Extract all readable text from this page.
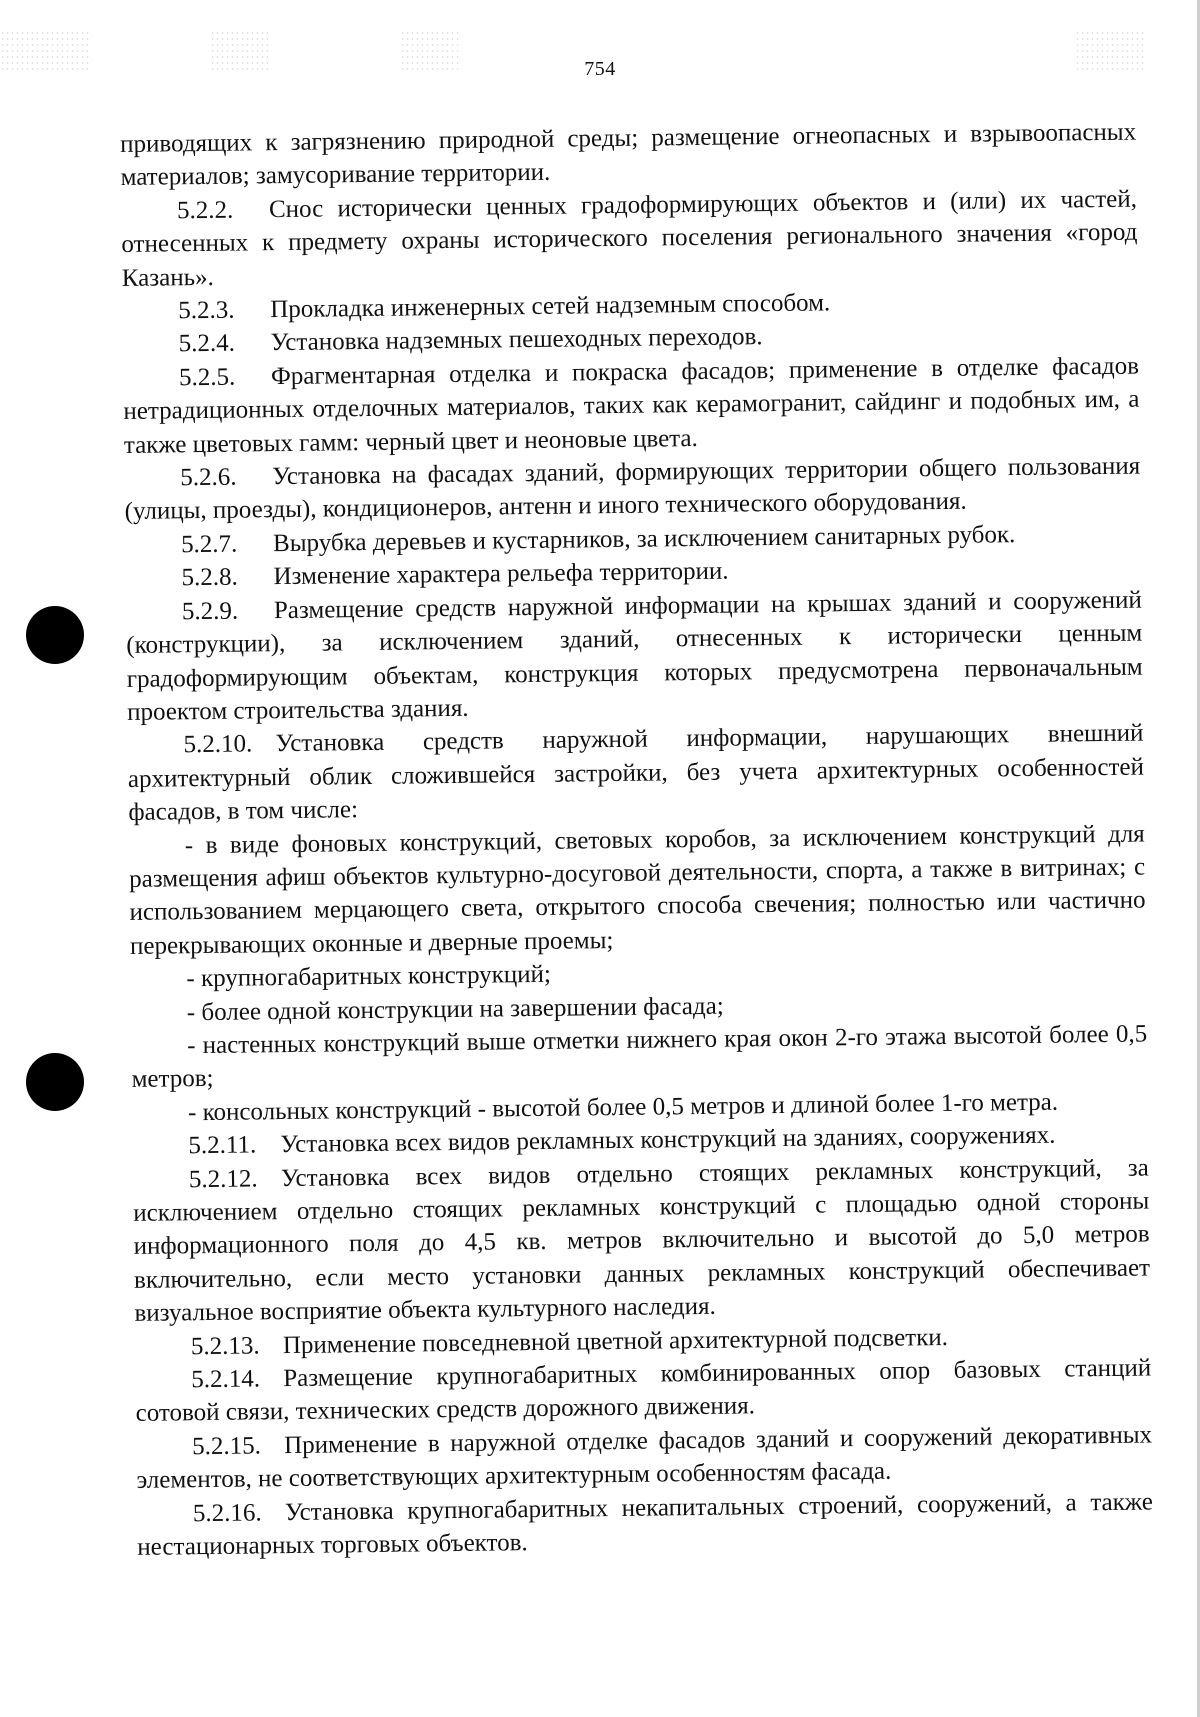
754

приводящих к загрязнению природной среды; размещение огнеопасных и взрывоопасных материалов; замусоривание территории.

5.2.2. Снос исторически ценных градоформирующих объектов и (или) их частей, отнесенных к предмету охраны исторического поселения регионального значения «город Казань».

5.2.3. Прокладка инженерных сетей надземным способом.

5.2.4. Установка надземных пешеходных переходов.

5.2.5. Фрагментарная отделка и покраска фасадов; применение в отделке фасадов нетрадиционных отделочных материалов, таких как керамогранит, сайдинг и подобных им, а также цветовых гамм: черный цвет и неоновые цвета.

5.2.6. Установка на фасадах зданий, формирующих территории общего пользования (улицы, проезды), кондиционеров, антенн и иного технического оборудования.

5.2.7. Вырубка деревьев и кустарников, за исключением санитарных рубок.

5.2.8. Изменение характера рельефа территории.

5.2.9. Размещение средств наружной информации на крышах зданий и сооружений (конструкции), за исключением зданий, отнесенных к исторически ценным градоформирующим объектам, конструкция которых предусмотрена первоначальным проектом строительства здания.

5.2.10. Установка средств наружной информации, нарушающих внешний архитектурный облик сложившейся застройки, без учета архитектурных особенностей фасадов, в том числе:

- в виде фоновых конструкций, световых коробов, за исключением конструкций для размещения афиш объектов культурно-досуговой деятельности, спорта, а также в витринах; с использованием мерцающего света, открытого способа свечения; полностью или частично перекрывающих оконные и дверные проемы;

- крупногабаритных конструкций;

- более одной конструкции на завершении фасада;

- настенных конструкций выше отметки нижнего края окон 2-го этажа высотой более 0,5 метров;

- консольных конструкций - высотой более 0,5 метров и длиной более 1-го метра.

5.2.11. Установка всех видов рекламных конструкций на зданиях, сооружениях.

5.2.12. Установка всех видов отдельно стоящих рекламных конструкций, за исключением отдельно стоящих рекламных конструкций с площадью одной стороны информационного поля до 4,5 кв. метров включительно и высотой до 5,0 метров включительно, если место установки данных рекламных конструкций обеспечивает визуальное восприятие объекта культурного наследия.

5.2.13. Применение повседневной цветной архитектурной подсветки.

5.2.14. Размещение крупногабаритных комбинированных опор базовых станций сотовой связи, технических средств дорожного движения.

5.2.15. Применение в наружной отделке фасадов зданий и сооружений декоративных элементов, не соответствующих архитектурным особенностям фасада.

5.2.16. Установка крупногабаритных некапитальных строений, сооружений, а также нестационарных торговых объектов.
